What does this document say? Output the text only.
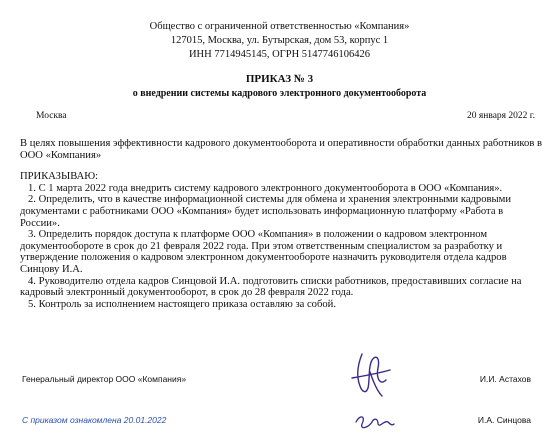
Общество с ограниченной ответственностью «Компания»
127015, Москва, ул. Бутырская, дом 53, корпус 1
ИНН 7714945145, ОГРН 5147746106426
ПРИКАЗ № 3
о внедрении системы кадрового электронного документооборота
Москва	20 января 2022 г.

В целях повышения эффективности кадрового документооборота и оперативности обработки данных работников в ООО «Компания»

ПРИКАЗЫВАЮ:

1. С 1 марта 2022 года внедрить систему кадрового электронного документооборота в ООО «Компания».

2. Определить, что в качестве информационной системы для обмена и хранения электронными кадровыми документами с работниками ООО «Компания» будет использовать информационную платформу «Работа в России».

3. Определить порядок доступа к платформе ООО «Компания» в положении о кадровом электронном документообороте в срок до 21 февраля 2022 года. При этом ответственным специалистом за разработку и утверждение положения о кадровом электронном документообороте назначить руководителя отдела кадров Синцову И.А.

4. Руководителю отдела кадров Синцовой И.А. подготовить списки работников, предоставивших согласие на кадровый электронный документооборот, в срок до 28 февраля 2022 года.

5. Контроль за исполнением настоящего приказа оставляю за собой.

Генеральный директор ООО «Компания»	И.И. Астахов
С приказом ознакомлена 20.01.2022	И.А. Синцова
